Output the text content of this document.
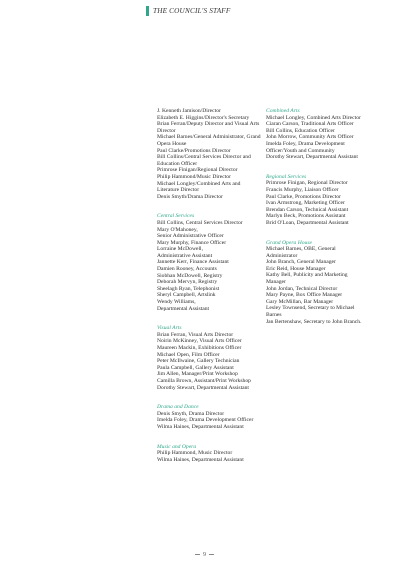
THE COUNCIL'S STAFF
J. Kenneth Jamison/Director
Elizabeth E. Higgins/Director's Secretary
Brian Ferran/Deputy Director and Visual Arts Director
Michael Barnes/General Administrator, Grand Opera House
Paul Clarke/Promotions Director
Bill Collins/Central Services Director and Education Officer
Primrose Finigan/Regional Director
Philip Hammond/Music Director
Michael Longley/Combined Arts and Literature Director
Denis Smyth/Drama Director
Central Services
Bill Collins, Central Services Director
Mary O'Mahoney,
Senior Administrative Officer
Mary Murphy, Finance Officer
Lorraine McDowell,
Administrative Assistant
Jannette Kerr, Finance Assistant
Damien Rooney, Accounts
Siobhan McDowell, Registry
Deborah Mervyn, Registry
Sheelagh Ryan, Telephonist
Sheryl Campbell, Artslink
Wendy Williams,
Departmental Assistant
Visual Arts
Brian Ferran, Visual Arts Director
Noirin McKinney, Visual Arts Officer
Maureen Mackin, Exhibitions Officer
Michael Open, Film Officer
Peter McIlwaine, Gallery Technician
Paula Campbell, Gallery Assistant
Jim Allen, Manager/Print Workshop
Camilla Brown, Assistant/Print Workshop
Dorothy Stewart, Departmental Assistant
Drama and Dance
Denis Smyth, Drama Director
Imelda Foley, Drama Development Officer
Wilma Haines, Departmental Assistant
Music and Opera
Philip Hammond, Music Director
Wilma Haines, Departmental Assistant
Combined Arts
Michael Longley, Combined Arts Director
Ciaran Carson, Traditional Arts Officer
Bill Collins, Education Officer
John Morrow, Community Arts Officer
Imelda Foley, Drama Development Officer/Youth and Community
Dorothy Stewart, Departmental Assistant
Regional Services
Primrose Finigan, Regional Director
Francis Murphy, Liaison Officer
Paul Clarke, Promotions Director
Ivan Armstrong, Marketing Officer
Brendan Carson, Technical Assistant
Marlyn Beck, Promotions Assistant
Brid O'Loan, Departmental Assistant
Grand Opera House
Michael Barnes, OBE, General Administrator
John Branch, General Manager
Eric Reid, House Manager
Kathy Bell, Publicity and Marketing Manager
John Jordan, Technical Director
Mary Payne, Box Office Manager
Gary McMillan, Bar Manager
Lesley Townsend, Secretary to Michael Barnes
Jan Bertenshaw, Secretary to John Branch.
9
